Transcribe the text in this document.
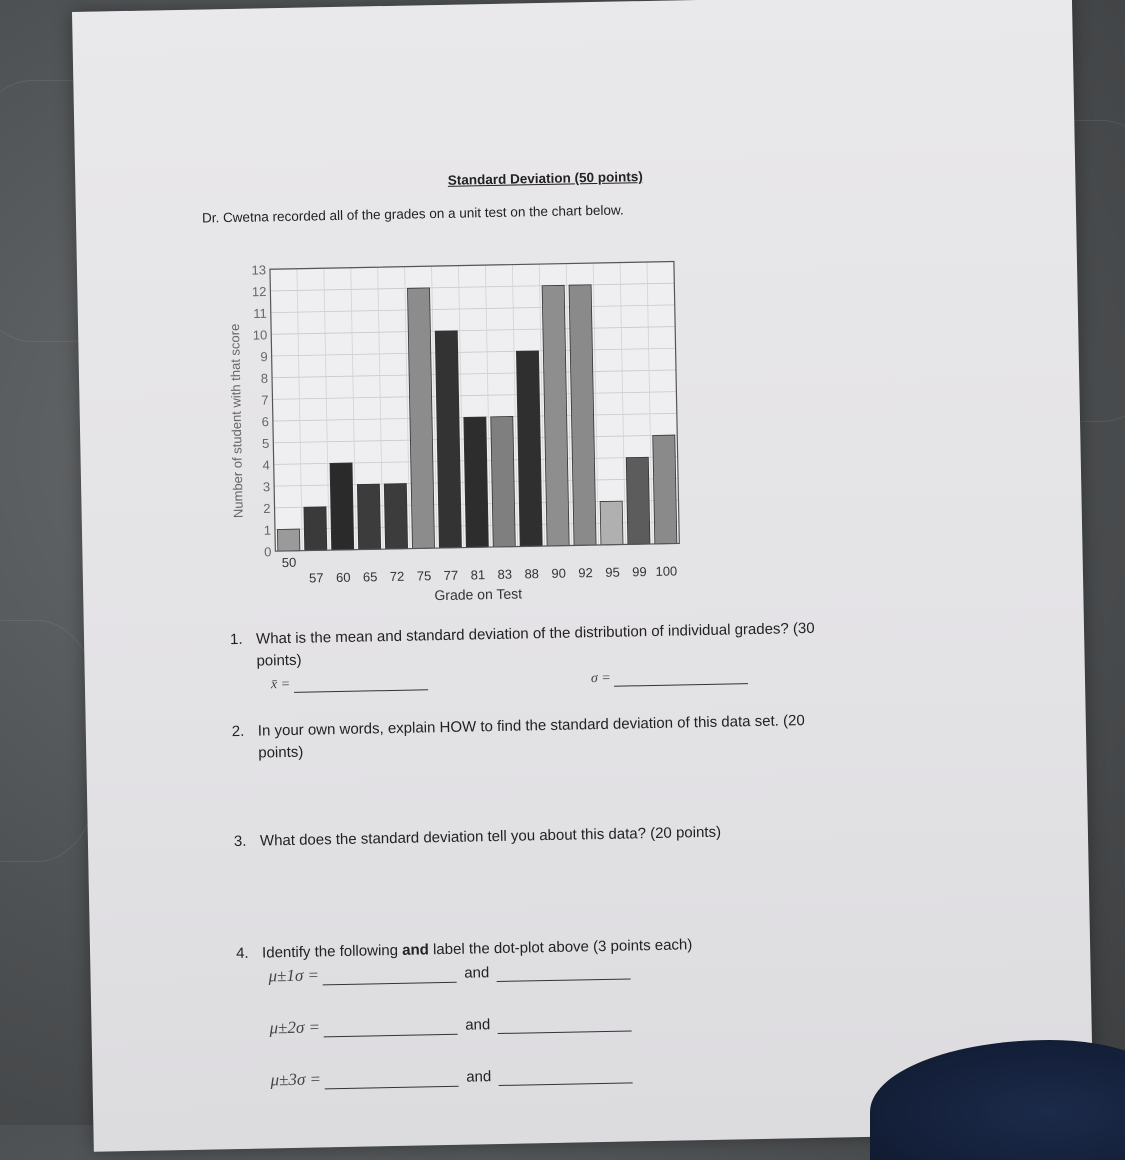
Standard Deviation (50 points)
Dr. Cwetna recorded all of the grades on a unit test on the chart below.
0
1
2
3
4
5
6
7
8
9
10
11
12
13
50
57 60 65 72 75 77 81 83 88 90 92 95 99 100
Number of student with that score
Grade on Test
1. What is the mean and standard deviation of the distribution of individual grades? (30
points)
x̄ =	σ =
2. In your own words, explain HOW to find the standard deviation of this data set. (20
points)
3. What does the standard deviation tell you about this data? (20 points)
4. Identify the following and label the dot-plot above (3 points each)
μ±1σ =	and
μ±2σ =	and
μ±3σ =	and
